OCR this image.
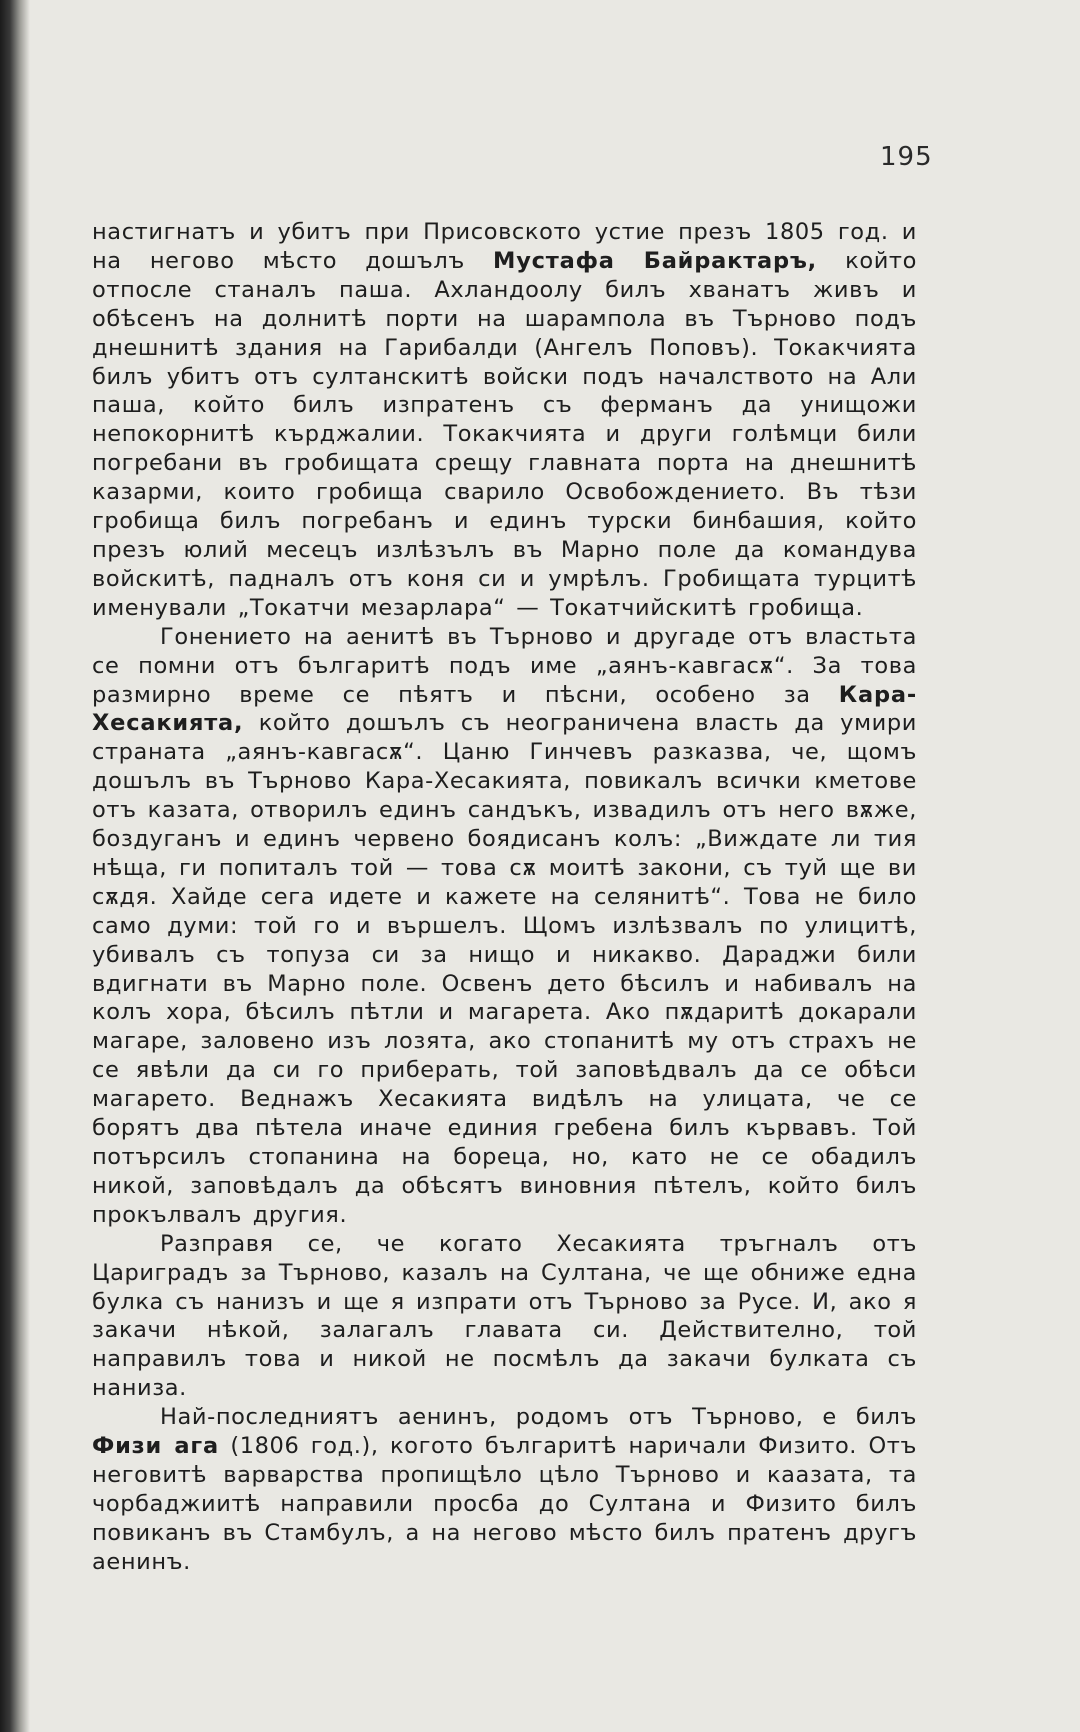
195

настигнатъ и убитъ при Присовското устие презъ 1805 год. и на негово мѣсто дошълъ Мустафа Байрактаръ, който отпосле станалъ паша. Ахландоолу билъ хванатъ живъ и обѣсенъ на долнитѣ порти на шарампола въ Търново подъ днешнитѣ здания на Гарибалди (Ангелъ Поповъ). Токакчията билъ убитъ отъ султанскитѣ войски подъ началството на Али паша, който билъ изпратенъ съ ферманъ да унищожи непокорнитѣ кърджалии. Токакчията и други голѣмци били погребани въ гробищата срещу главната порта на днешнитѣ казарми, които гробища сварило Освобождението. Въ тѣзи гробища билъ погребанъ и единъ турски бинбашия, който презъ юлий месецъ излѣзълъ въ Марно поле да командува войскитѣ, падналъ отъ коня си и умрѣлъ. Гробищата турцитѣ именували „Токатчи мезарлара“ — Токатчийскитѣ гробища.

Гонението на аенитѣ въ Търново и другаде отъ властьта се помни отъ българитѣ подъ име „аянъ-кавгасѫ“. За това размирно време се пѣятъ и пѣсни, особено за Кара-Хесакията, който дошълъ съ неограничена власть да умири страната „аянъ-кавгасѫ“. Цаню Гинчевъ разказва, че, щомъ дошълъ въ Търново Кара-Хесакията, повикалъ всички кметове отъ казата, отворилъ единъ сандъкъ, извадилъ отъ него вѫже, боздуганъ и единъ червено боядисанъ колъ: „Виждате ли тия нѣща, ги попиталъ той — това сѫ моитѣ закони, съ туй ще ви сѫдя. Хайде сега идете и кажете на селянитѣ“. Това не било само думи: той го и вършелъ. Щомъ излѣзвалъ по улицитѣ, убивалъ съ топуза си за нищо и никакво. Дараджи били вдигнати въ Марно поле. Освенъ дето бѣсилъ и набивалъ на колъ хора, бѣсилъ пѣтли и магарета. Ако пѫдаритѣ докарали магаре, заловено изъ лозята, ако стопанитѣ му отъ страхъ не се явѣли да си го приберать, той заповѣдвалъ да се обѣси магарето. Веднажъ Хесакията видѣлъ на улицата, че се борятъ два пѣтела иначе единия гребена билъ кървавъ. Той потърсилъ стопанина на бореца, но, като не се обадилъ никой, заповѣдалъ да обѣсятъ виновния пѣтелъ, който билъ прокълвалъ другия.

Разправя се, че когато Хесакията тръгналъ отъ Цариградъ за Търново, казалъ на Султана, че ще обниже една булка съ нанизъ и ще я изпрати отъ Търново за Русе. И, ако я закачи нѣкой, залагалъ главата си. Действително, той направилъ това и никой не посмѣлъ да закачи булката съ наниза.

Най-последниятъ аенинъ, родомъ отъ Търново, е билъ Физи ага (1806 год.), когото българитѣ наричали Физито. Отъ неговитѣ варварства пропищѣло цѣло Търново и каазата, та чорбаджиитѣ направили просба до Султана и Физито билъ повиканъ въ Стамбулъ, а на негово мѣсто билъ пратенъ другъ аенинъ.
